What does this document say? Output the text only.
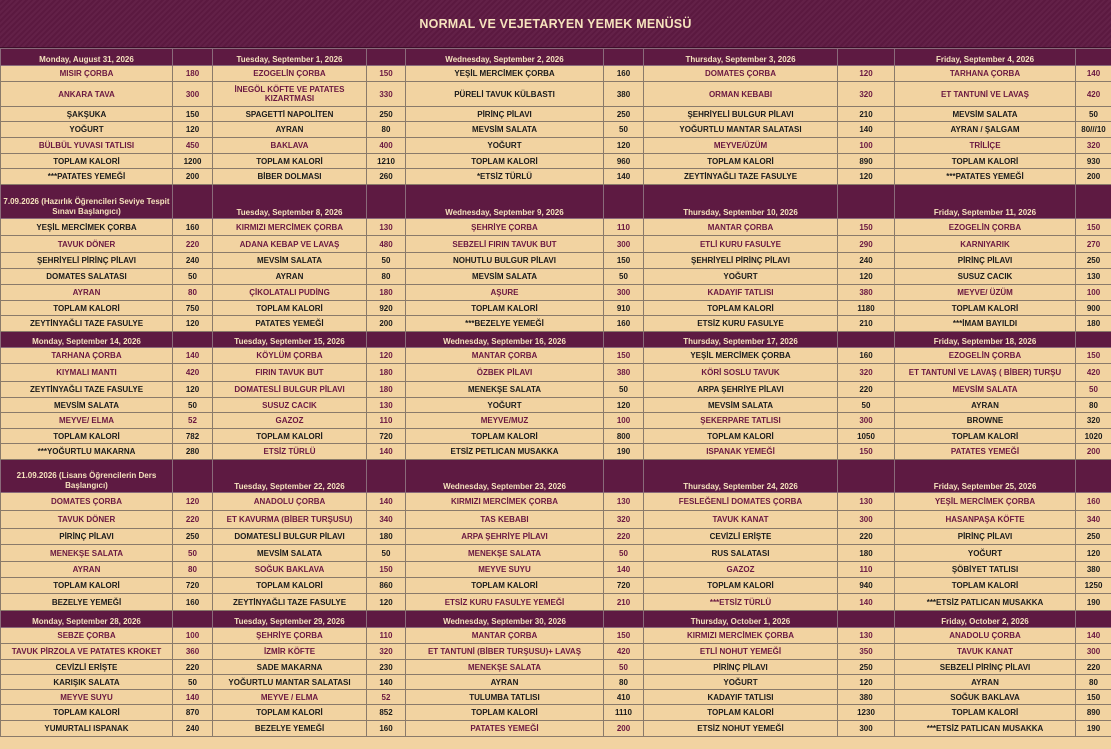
NORMAL VE VEJETARYEN YEMEK MENÜSÜ
Monday, August 31, 2026		Tuesday, September 1, 2026		Wednesday, September 2, 2026		Thursday, September 3, 2026		Friday, September 4, 2026	
MISIR ÇORBA	180	EZOGELİN ÇORBA	150	YEŞİL MERCİMEK ÇORBA	160	DOMATES ÇORBA	120	TARHANA ÇORBA	140
ANKARA TAVA	300	İNEGÖL KÖFTE VE PATATES KIZARTMASI	330	PÜRELİ TAVUK KÜLBASTI	380	ORMAN KEBABI	320	ET TANTUNİ VE LAVAŞ	420
ŞAKŞUKA	150	SPAGETTİ NAPOLİTEN	250	PİRİNÇ PİLAVI	250	ŞEHRİYELİ BULGUR PİLAVI	210	MEVSİM SALATA	50
YOĞURT	120	AYRAN	80	MEVSİM SALATA	50	YOĞURTLU MANTAR SALATASI	140	AYRAN / ŞALGAM	80///10
BÜLBÜL YUVASI TATLISI	450	BAKLAVA	400	YOĞURT	120	MEYVE/ÜZÜM	100	TRİLİÇE	320
TOPLAM KALORİ	1200	TOPLAM KALORİ	1210	TOPLAM KALORİ	960	TOPLAM KALORİ	890	TOPLAM KALORİ	930
***PATATES YEMEĞİ	200	BİBER DOLMASI	260	*ETSİZ TÜRLÜ	140	ZEYTİNYAĞLI TAZE FASULYE	120	***PATATES YEMEĞİ	200
7.09.2026 (Hazırlık Öğrencileri Seviye Tespit Sınavı Başlangıcı)		Tuesday, September 8, 2026		Wednesday, September 9, 2026		Thursday, September 10, 2026		Friday, September 11, 2026	
YEŞİL MERCİMEK ÇORBA	160	KIRMIZI MERCİMEK ÇORBA	130	ŞEHRİYE ÇORBA	110	MANTAR ÇORBA	150	EZOGELİN ÇORBA	150
TAVUK DÖNER	220	ADANA KEBAP VE LAVAŞ	480	SEBZELİ FIRIN TAVUK BUT	300	ETLİ KURU FASULYE	290	KARNIYARIK	270
ŞEHRİYELİ PİRİNÇ PİLAVI	240	MEVSİM SALATA	50	NOHUTLU BULGUR PİLAVI	150	ŞEHRİYELİ PİRİNÇ PİLAVI	240	PİRİNÇ PİLAVI	250
DOMATES SALATASI	50	AYRAN	80	MEVSİM SALATA	50	YOĞURT	120	SUSUZ CACIK	130
AYRAN	80	ÇİKOLATALI PUDİNG	180	AŞURE	300	KADAYIF TATLISI	380	MEYVE/ ÜZÜM	100
TOPLAM KALORİ	750	TOPLAM KALORİ	920	TOPLAM KALORİ	910	TOPLAM KALORİ	1180	TOPLAM KALORİ	900
ZEYTİNYAĞLI TAZE FASULYE	120	PATATES YEMEĞİ	200	***BEZELYE YEMEĞİ	160	ETSİZ KURU FASULYE	210	***İMAM BAYILDI	180
Monday, September 14, 2026		Tuesday, September 15, 2026		Wednesday, September 16, 2026		Thursday, September 17, 2026		Friday, September 18, 2026	
TARHANA ÇORBA	140	KÖYLÜM ÇORBA	120	MANTAR ÇORBA	150	YEŞİL MERCİMEK ÇORBA	160	EZOGELİN ÇORBA	150
KIYMALI MANTI	420	FIRIN TAVUK BUT	180	ÖZBEK PİLAVI	380	KÖRİ SOSLU TAVUK	320	ET TANTUNİ VE LAVAŞ ( BİBER) TURŞU	420
ZEYTİNYAĞLI TAZE FASULYE	120	DOMATESLİ BULGUR PİLAVI	180	MENEKŞE SALATA	50	ARPA ŞEHRİYE PİLAVI	220	MEVSİM SALATA	50
MEVSİM SALATA	50	SUSUZ CACIK	130	YOĞURT	120	MEVSİM SALATA	50	AYRAN	80
MEYVE/ ELMA	52	GAZOZ	110	MEYVE/MUZ	100	ŞEKERPARE TATLISI	300	BROWNE	320
TOPLAM KALORİ	782	TOPLAM KALORİ	720	TOPLAM KALORİ	800	TOPLAM KALORİ	1050	TOPLAM KALORİ	1020
***YOĞURTLU MAKARNA	280	ETSİZ TÜRLÜ	140	ETSİZ PETLICAN MUSAKKA	190	ISPANAK YEMEĞİ	150	PATATES YEMEĞİ	200
21.09.2026 (Lisans Öğrencilerin Ders Başlangıcı)		Tuesday, September 22, 2026		Wednesday, September 23, 2026		Thursday, September 24, 2026		Friday, September 25, 2026	
DOMATES ÇORBA	120	ANADOLU ÇORBA	140	KIRMIZI MERCİMEK ÇORBA	130	FESLEĞENLİ DOMATES ÇORBA	130	YEŞİL MERCİMEK ÇORBA	160
TAVUK DÖNER	220	ET KAVURMA (BİBER TURŞUSU)	340	TAS KEBABI	320	TAVUK KANAT	300	HASANPAŞA KÖFTE	340
PİRİNÇ PİLAVI	250	DOMATESLİ BULGUR PİLAVI	180	ARPA ŞEHRİYE PİLAVI	220	CEVİZLİ ERİŞTE	220	PİRİNÇ PİLAVI	250
MENEKŞE SALATA	50	MEVSİM SALATA	50	MENEKŞE SALATA	50	RUS SALATASI	180	YOĞURT	120
AYRAN	80	SOĞUK BAKLAVA	150	MEYVE SUYU	140	GAZOZ	110	ŞÖBİYET TATLISI	380
TOPLAM KALORİ	720	TOPLAM KALORİ	860	TOPLAM KALORİ	720	TOPLAM KALORİ	940	TOPLAM KALORİ	1250
BEZELYE YEMEĞİ	160	ZEYTİNYAĞLI TAZE FASULYE	120	ETSİZ KURU FASULYE YEMEĞİ	210	***ETSİZ TÜRLÜ	140	***ETSİZ PATLICAN MUSAKKA	190
Monday, September 28, 2026		Tuesday, September 29, 2026		Wednesday, September 30, 2026		Thursday, October 1, 2026		Friday, October 2, 2026	
SEBZE ÇORBA	100	ŞEHRİYE ÇORBA	110	MANTAR ÇORBA	150	KIRMIZI MERCİMEK ÇORBA	130	ANADOLU ÇORBA	140
TAVUK PİRZOLA VE PATATES KROKET	360	İZMİR KÖFTE	320	ET TANTUNİ (BİBER TURŞUSU)+ LAVAŞ	420	ETLİ NOHUT YEMEĞİ	350	TAVUK KANAT	300
CEVİZLİ ERİŞTE	220	SADE MAKARNA	230	MENEKŞE SALATA	50	PİRİNÇ PİLAVI	250	SEBZELİ PİRİNÇ PİLAVI	220
KARIŞIK SALATA	50	YOĞURTLU MANTAR SALATASI	140	AYRAN	80	YOĞURT	120	AYRAN	80
MEYVE SUYU	140	MEYVE / ELMA	52	TULUMBA TATLISI	410	KADAYIF TATLISI	380	SOĞUK BAKLAVA	150
TOPLAM KALORİ	870	TOPLAM KALORİ	852	TOPLAM KALORİ	1110	TOPLAM KALORİ	1230	TOPLAM KALORİ	890
YUMURTALI ISPANAK	240	BEZELYE YEMEĞİ	160	PATATES YEMEĞİ	200	ETSİZ NOHUT YEMEĞİ	300	***ETSİZ PATLICAN MUSAKKA	190
